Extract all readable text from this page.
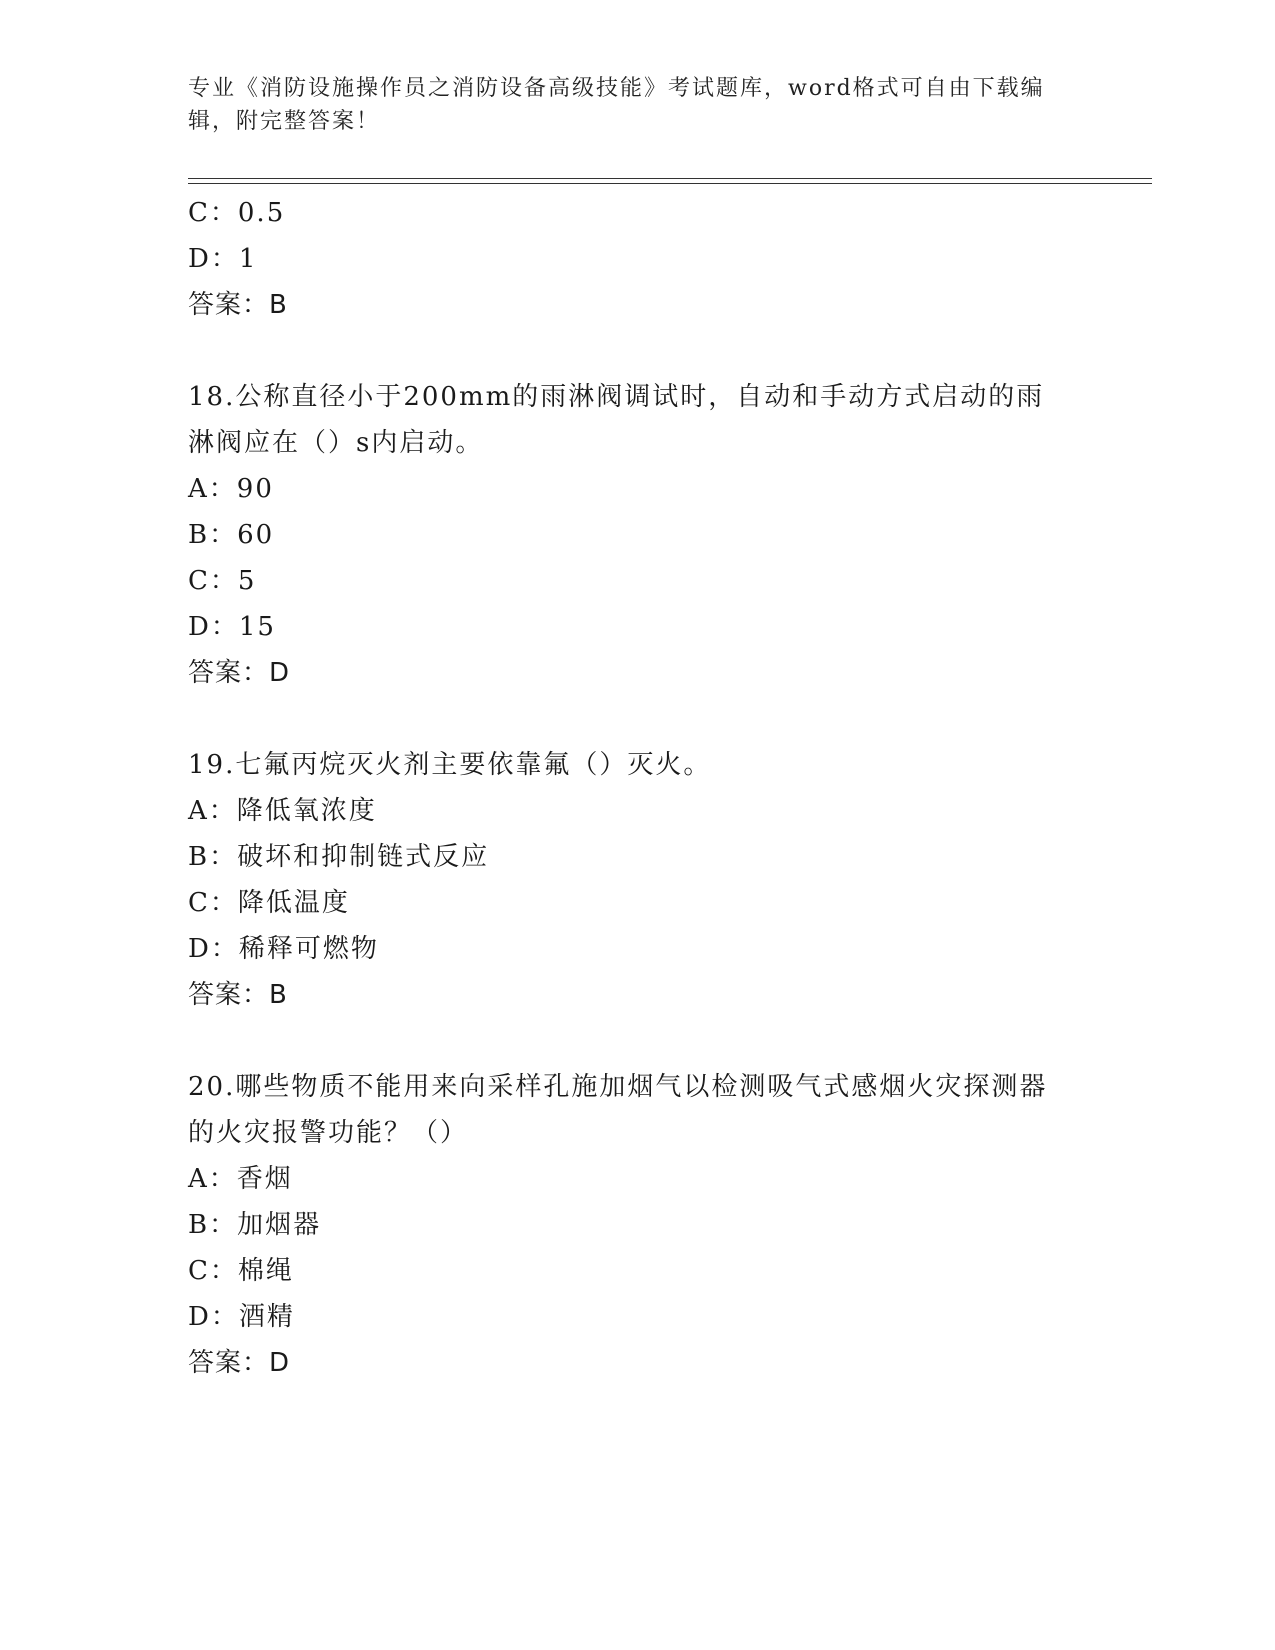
专业《消防设施操作员之消防设备高级技能》考试题库，word格式可自由下载编辑，附完整答案！
C：0.5
D：1
答案：B
18.公称直径小于200mm的雨淋阀调试时，自动和手动方式启动的雨淋阀应在（）s内启动。
A：90
B：60
C：5
D：15
答案：D
19.七氟丙烷灭火剂主要依靠氟（）灭火。
A：降低氧浓度
B：破坏和抑制链式反应
C：降低温度
D：稀释可燃物
答案：B
20.哪些物质不能用来向采样孔施加烟气以检测吸气式感烟火灾探测器的火灾报警功能？（）
A：香烟
B：加烟器
C：棉绳
D：酒精
答案：D
